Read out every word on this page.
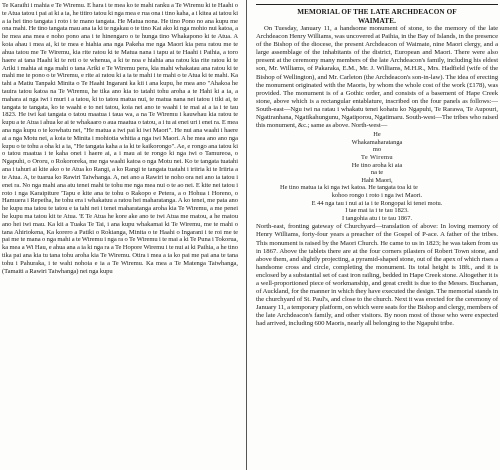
Te Karaihi i mahia e Te Wiremu. E hara i te mea ko te mahi ranku a Te Wiremu ki te Haahi o te Atua tatou i pai ai ki a ia, he titiro tatou ki nga mea e rua ona i tino kaha, a i kitea ai tatou ki a ia hei tino tangata i roto i te mano tangata. He Matua nona. He tino Pono no ana kupu me ona mahi. He tino tangata mau ana ia ki te ngakau o te tino Kai ako ki nga mohio nui katoa, a he mea ana mea e noho pono ana i te hinengaro o te hunga tino Whakapono ki te Atua. A koia ahau i mea ai, ki te mea e hiahia ana nga Pakeha me nga Maori kia pera ratou me te ahua tatou me Te Wiremu, kia rite ratou ki te Matua nana i tapu ai te Haahi i Paihia, a toro haere ai tana Haahi ki te reti o te whenua, a ki te noa e hiahia ana ratou kia rite ratou ki te Ariki i mahia ai nga mahi o tana Ariki e Te Wiremu pera, kia mahi whakatau ana ratou ki te mahi me te pono o te Wiremu, e rite ai ratou ki a ia te mahi i te mahi o te Atua ki te mahi. Ka tahi a Matiu Tanpaki Minita o Te Haahi Ingarani ka kii i ana kupu, he mea ano "Ahakoa he tauira tatou katoa na Te Wiremu, he tika ano kia to tatahi tohu aroha a te Hahi ki a ia, a mahara ai nga iwi i muri i a tatou, ki to tatou matua nui, te matua nana nei tatou i tiki ai, te tangata te tangata, ko te waahi e to nei tatou, koia nei ano te waahi i te mai ai a ia i te tau 1823. He iwi kai tangata o tatou maatua i taua wa, a na Te Wiremu i kauwhau kia ratou te kupu a te Atua i ahua ke ai te whakaaro o aua maatua o tatou, a i tu ai enei uri i enei ra. E mea ana nga kupu o te kowhatu nei, "He matua a iwi pai ki iwi Maori". He nui ana waahi i haere ai a nga Motu nei, a koia te Minita i mohiotia whitia a nga iwi Maori. A he mea ano ano nga kupu o te tohu a oha ki a ia, "He tangata kaha a ia ki te kaikorongo". Ae, e rongo ana tatou ki o tatou maatua i te kaha onei i haere ai, a i mau ai te rongo ki nga iwi o Tamureoa, o Ngapuhi, o Ororu, o Rokororeka, me nga waahi katoa o nga Motu nei. Ko te tangata tuatahi ana i tahuri ai kite ako o te Atua ko Rangi, a ko Rangi te tangata tuatahi i iriiria ki te Iriiria a te Atua. A, te tuarua ko Rawiri Taiwhanga. A, nei ano a Rawiri te noho ora nei ano ia tatou i enei ra. No nga mahi ana atu tenei mahi te tohu me nga mea nui o te ao nei. E kite nei tatou i roto i nga Karaipiture 'Tapu e kite ana te tohu o Rakopo e Petera, a o Hohua i Horeno, o Hamuera i Repeiha, he tohu era i whakatuu a ratou hei maharatanga. A ko tenei, me pata ano he kupu ma tatou te tatou e ta tahi nei i tenei maharatanga aroha kia Te Wiremu, a me penei he kupu ma tatou kit te Atua. 'E Te Atua he kore ake ano te iwi Atua me matou, a he matou ano hei iwi mau. Ka kii a Tuaka Te Tai, i ana kupu whakamai ki Te Wiremu, me te mahi o tana Ahiriokena, Ka korero a Patiki o Rokianga, Minita o te Haahi o Ingarani i te roi me te pai me te mana o nga mahi a te Wiremu i nga ra o Te Wiremu i te mai a ki Te Puna i Tokorua, ka mea a Wi Hau, e ahua ana a ia ki nga ra a Te Hopore Wiremu i te nui ai ki Paihia, a he tino tika pai ana kia tu tana tohu aroha kia Te Wiremu. Otira i mea a ia ko pai me pai ana te tana tohu i Pahuraka, i te wahi nohoia e ia a Te Wiremu. Ka mea a Te Matenga Taiwhanga, (Tamaiti a Rawiri Taiwhanga) nei nga kupu

MEMORIAL OF THE LATE ARCHDEACON OF
WAIMATE.

On Tuesday, January 11, a handsome monument of stone, to the memory of the late Archdeacon Henry Williams, was uncovered at Paihia, in the Bay of Islands, in the presence of the Bishop of the diocese, the present Archdeacon of Waimate, nine Maori clergy, and a large assemblage of the inhabitants of the district, European and Maori. There were also present at the ceremony many members of the late Archdeacon's family, including his eldest son, Mr. Williams, of Pakaraka, E.M., Mr. J. Williams, M.H.R., Mrs. Hadfield (wife of the Bishop of Wellington), and Mr. Carleton (the Archdeacon's son-in-law). The idea of erecting the monument originated with the Maoris, by whom the whole cost of the work (£178), was provided. The monument is of a Gothic order, and consists of a basement of Hape Creek stone, above which is a rectangular entablature, inscribed on the four panels as follows:—South-east—Ngu iwi na ratau i whakatu tenei kohatu ko Ngapuhi, Te Rarawa, Te Aupouri, Ngatiranhana, Ngatikahungunu, Ngatiporou, Ngatimaru. South-west—The tribes who raised this monument, &c.; same as above. North-west—

He
Whakamaharatanga
mo
Te Wiremu
He tino aroha ki aia
na te
Hahi Maori,
He tino matua ia ki nga iwi katoa. He tangata toa ki te
kohoo rongo i roto i nga iwi Maori.
E 44 nga tau i nui ai ia i te Rongopai ki tenei motu.
I tae mai ia i te tau 1823.
I tangohia atu i te tau 1867.

North-east, fronting gateway of Churchyard—translation of above: In loving memory of Henry Williams, forty-four years a preacher of the Gospel of P-ace. A father of the tribes. This monument is raised by the Maori Church. He came to us in 1823; he was taken from us in 1867. Above the tablets there are at the four corners pilasters of Robert Town stone, and above them, and slightly projecting, a pyramid-shaped stone, out of the apex of which rises a handsome cross and circle, completing the monument. Its total height is 18ft., and it is enclosed by a substantial set of cast iron railing, bedded in Hape Creek stone. Altogether it is a well-proportioned piece of workmanship, and great credit is due to the Messrs. Buchanan, of Auckland, for the manner in which they have executed the design. The memorial stands in the churchyard of St. Paul's, and close to the church. Next it was erected for the ceremony of January 11, a temporary platform, on which were seats for the Bishop and clergy, members of the late Archdeacon's family, and other visitors. By noon most of those who were expected had arrived, including 600 Maoris, nearly all belonging to the Ngapuhi tribe.
